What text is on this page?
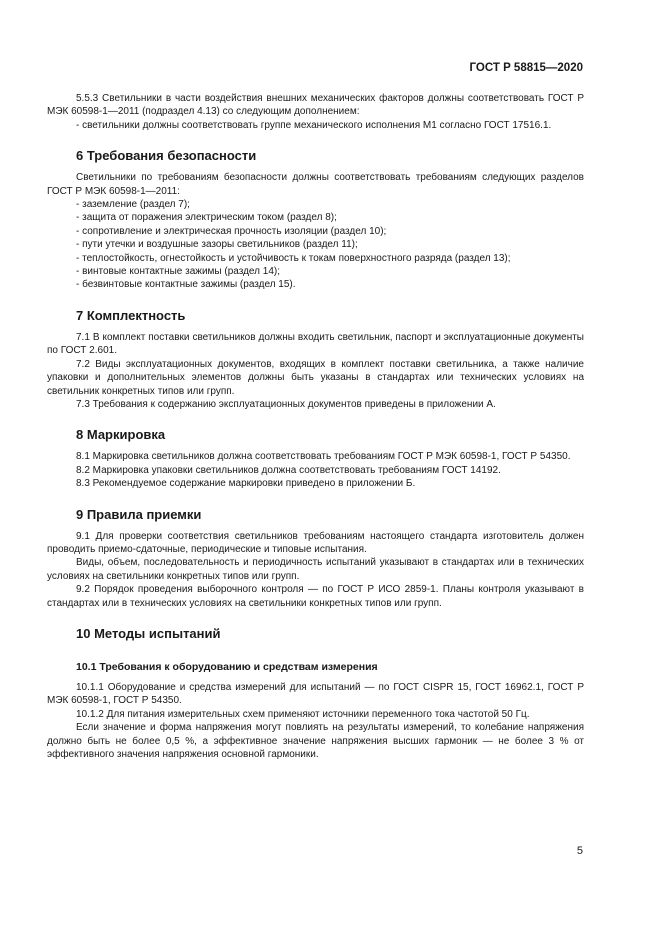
ГОСТ Р 58815—2020

5.5.3 Светильники в части воздействия внешних механических факторов должны соответствовать ГОСТ Р МЭК 60598-1—2011 (подраздел 4.13) со следующим дополнением:

- светильники должны соответствовать группе механического исполнения М1 согласно ГОСТ 17516.1.

6 Требования безопасности

Светильники по требованиям безопасности должны соответствовать требованиям следующих разделов ГОСТ Р МЭК 60598-1—2011:

- заземление (раздел 7);

- защита от поражения электрическим током (раздел 8);

- сопротивление и электрическая прочность изоляции (раздел 10);

- пути утечки и воздушные зазоры светильников (раздел 11);

- теплостойкость, огнестойкость и устойчивость к токам поверхностного разряда (раздел 13);

- винтовые контактные зажимы (раздел 14);

- безвинтовые контактные зажимы (раздел 15).

7 Комплектность

7.1 В комплект поставки светильников должны входить светильник, паспорт и эксплуатационные документы по ГОСТ 2.601.

7.2 Виды эксплуатационных документов, входящих в комплект поставки светильника, а также наличие упаковки и дополнительных элементов должны быть указаны в стандартах или технических условиях на светильник конкретных типов или групп.

7.3 Требования к содержанию эксплуатационных документов приведены в приложении А.

8 Маркировка

8.1 Маркировка светильников должна соответствовать требованиям ГОСТ Р МЭК 60598-1, ГОСТ Р 54350.

8.2 Маркировка упаковки светильников должна соответствовать требованиям ГОСТ 14192.

8.3 Рекомендуемое содержание маркировки приведено в приложении Б.

9 Правила приемки

9.1 Для проверки соответствия светильников требованиям настоящего стандарта изготовитель должен проводить приемо-сдаточные, периодические и типовые испытания.

Виды, объем, последовательность и периодичность испытаний указывают в стандартах или в технических условиях на светильники конкретных типов или групп.

9.2 Порядок проведения выборочного контроля — по ГОСТ Р ИСО 2859-1. Планы контроля указывают в стандартах или в технических условиях на светильники конкретных типов или групп.

10 Методы испытаний
10.1 Требования к оборудованию и средствам измерения

10.1.1 Оборудование и средства измерений для испытаний — по ГОСТ CISPR 15, ГОСТ 16962.1, ГОСТ Р МЭК 60598-1, ГОСТ Р 54350.

10.1.2 Для питания измерительных схем применяют источники переменного тока частотой 50 Гц.

Если значение и форма напряжения могут повлиять на результаты измерений, то колебание напряжения должно быть не более 0,5 %, а эффективное значение напряжения высших гармоник — не более 3 % от эффективного значения напряжения основной гармоники.

5
